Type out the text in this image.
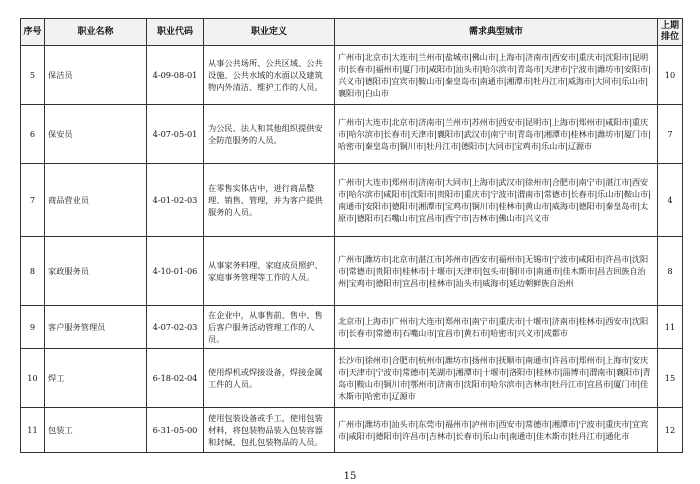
序号	职业名称	职业代码	职业定义	需求典型城市	上期排位
5	保洁员	4-09-08-01	从事公共场所、公共区域、公共设施、公共水域的水面以及建筑物内外清洁、维护工作的人员。	广州市|北京市|大连市|兰州市|盐城市|佛山市|上海市|济南市|西安市|重庆市|沈阳市|昆明市|长春市|福州市|厦门市|咸阳市|汕头市|哈尔滨市|青岛市|天津市|宁波市|潍坊市|安阳市|兴义市|德阳市|宜宾市|鞍山市|秦皇岛市|南通市|湘潭市|牡丹江市|威海市|大同市|乐山市|襄阳市|白山市	10
6	保安员	4-07-05-01	为公民、法人和其他组织提供安全防范服务的人员。	广州市|大连市|北京市|济南市|兰州市|苏州市|西安市|昆明市|上海市|郑州市|咸阳市|重庆市|哈尔滨市|长春市|天津市|襄阳市|武汉市|南宁市|青岛市|湘潭市|桂林市|潍坊市|厦门市|哈密市|秦皇岛市|铜川市|牡丹江市|德阳市|大同市|宝鸡市|乐山市|辽源市	7
7	商品营业员	4-01-02-03	在零售实体店中，进行商品整理、销售、管理，并为客户提供服务的人员。	广州市|大连市|郑州市|济南市|大同市|上海市|武汉市|徐州市|合肥市|南宁市|湛江市|西安市|哈尔滨市|咸阳市|沈阳市|贵阳市|重庆市|宁波市|渭南市|常德市|长春市|乐山市|鞍山市|南通市|安阳市|德阳市|湘潭市|宝鸡市|铜川市|桂林市|黄山市|威海市|德阳市|秦皇岛市|太原市|德阳市|石嘴山市|宜昌市|西宁市|吉林市|佛山市|兴义市	4
8	家政服务员	4-10-01-06	从事家务料理、家庭成员照护、家庭事务管理等工作的人员。	广州市|潍坊市|北京市|湛江市|苏州市|西安市|福州市|无锡市|宁波市|咸阳市|许昌市|沈阳市|常德市|贵阳市|桂林市|十堰市|天津市|包头市|铜川市|南通市|佳木斯市|昌吉回族自治州|宝鸡市|德阳市|宜昌市|桂林市|汕头市|威海市|延边朝鲜族自治州	8
9	客户服务管理员	4-07-02-03	在企业中，从事售前、售中、售后客户服务活动管理工作的人员。	北京市|上海市|广州市|大连市|郑州市|南宁市|重庆市|十堰市|济南市|桂林市|西安市|沈阳市|长春市|常德市|石嘴山市|宜昌市|黄石市|哈密市|兴义市|成都市	11
10	焊工	6-18-02-04	使用焊机或焊接设备，焊接金属工件的人员。	长沙市|徐州市|合肥市|杭州市|潍坊市|扬州市|抚顺市|南通市|许昌市|郑州市|上海市|安庆市|天津市|宁波市|常德市|芜湖市|湘潭市|十堰市|洛阳市|桂林市|淄博市|渭南市|襄阳市|青岛市|鞍山市|铜川市|鄂州市|济南市|沈阳市|哈尔滨市|吉林市|牡丹江市|宜昌市|厦门市|佳木斯市|哈密市|辽源市	15
11	包装工	6-31-05-00	使用包装设备或手工，使用包装材料，将包装物品装入包装容器和封缄、包扎包装物品的人员。	广州市|潍坊市|汕头市|东莞市|福州市|泸州市|西安市|常德市|湘潭市|宁波市|重庆市|宜宾市|咸阳市|德阳市|许昌市|吉林市|长春市|乐山市|南通市|佳木斯市|牡丹江市|通化市	12
15
